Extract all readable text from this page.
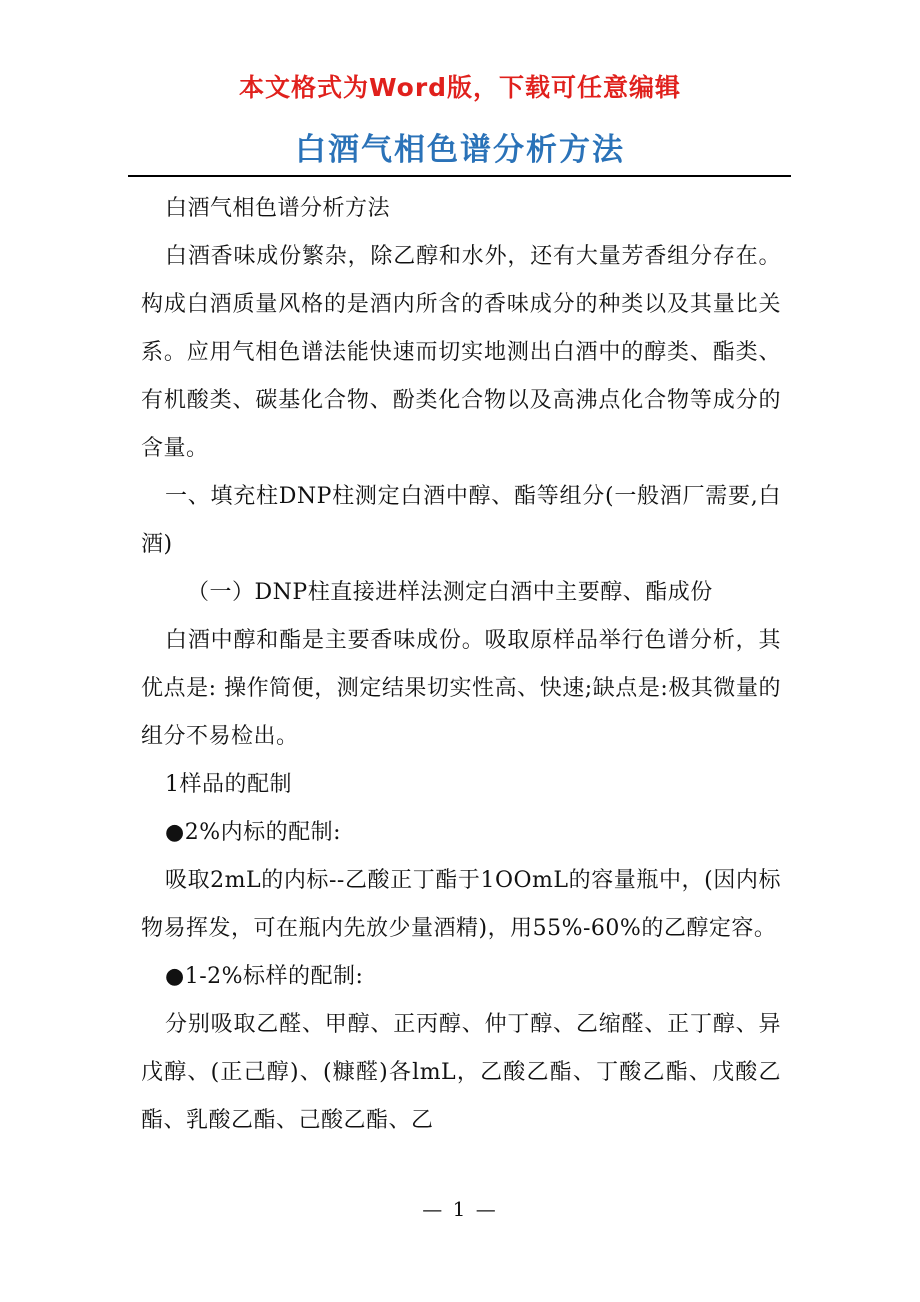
本文格式为Word版，下载可任意编辑
白酒气相色谱分析方法

白酒气相色谱分析方法

白酒香味成份繁杂，除乙醇和水外，还有大量芳香组分存在。构成白酒质量风格的是酒内所含的香味成分的种类以及其量比关系。应用气相色谱法能快速而切实地测出白酒中的醇类、酯类、有机酸类、碳基化合物、酚类化合物以及高沸点化合物等成分的含量。

一、填充柱DNP柱测定白酒中醇、酯等组分(一般酒厂需要,白酒)

（一）DNP柱直接进样法测定白酒中主要醇、酯成份

白酒中醇和酯是主要香味成份。吸取原样品举行色谱分析，其优点是: 操作简便，测定结果切实性高、快速;缺点是:极其微量的组分不易检出。

1样品的配制

●2%内标的配制:

吸取2mL的内标--乙酸正丁酯于1OOmL的容量瓶中，(因内标物易挥发，可在瓶内先放少量酒精)，用55%-60%的乙醇定容。

●1-2%标样的配制:

分别吸取乙醛、甲醇、正丙醇、仲丁醇、乙缩醛、正丁醇、异戊醇、(正己醇)、(糠醛)各lmL，乙酸乙酯、丁酸乙酯、戊酸乙酯、乳酸乙酯、己酸乙酯、乙

— 1 —
